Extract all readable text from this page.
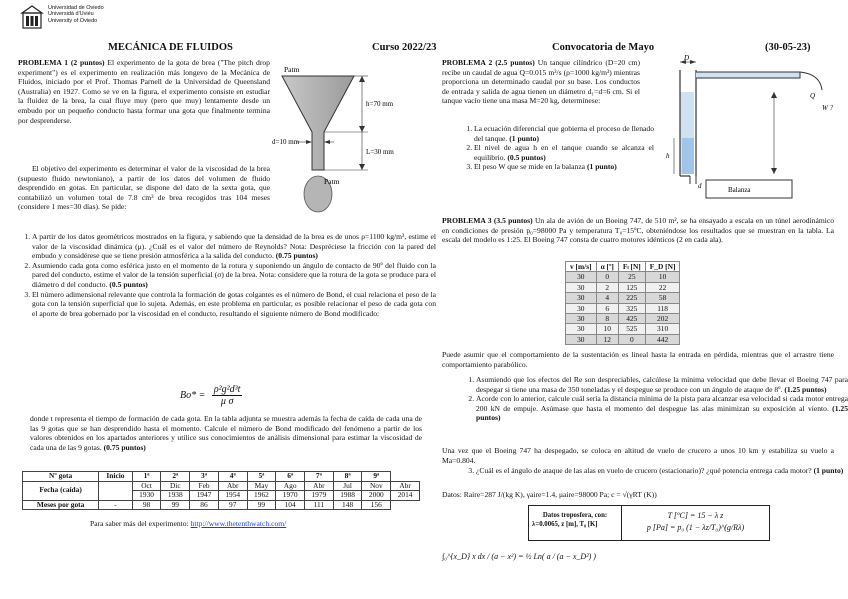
Universidad de Oviedo
Universidá d'Uviéu
University of Oviedo
MECÁNICA DE FLUIDOS	Curso 2022/23	Convocatoria de Mayo	(30-05-23)
PROBLEMA 1 (2 puntos) El experimento de la gota de brea ("The pitch drop experiment") es el experimento en realización más longevo de la Mecánica de Fluidos, iniciado por el Prof. Thomas Parnell de la Universidad de Queensland (Australia) en 1927. Como se ve en la figura, el experimento consiste en estudiar la fluidez de la brea, la cual fluye muy (pero que muy) lentamente desde un embudo por un pequeño conducto hasta formar una gota que finalmente termina por desprenderse.
El objetivo del experimento es determinar el valor de la viscosidad de la brea (supuesto fluido newtoniano), a partir de los datos del volumen de fluido desprendido en gotas. En particular, se dispone del dato de la sexta gota, que contabilizó un volumen total de 7.8 cm³ de brea recogidos tras 104 meses (considere 1 mes=30 días). Se pide:
Patm
h=70 mm
L=30 mm
d=10 mm
Patm
1. A partir de los datos geométricos mostrados en la figura, y sabiendo que la densidad de la brea es de unos ρ=1100 kg/m³, estime el valor de la viscosidad dinámica (μ). ¿Cuál es el valor del número de Reynolds? Nota: Despréciese la fricción con la pared del embudo y considérese que se tiene presión atmosférica a la salida del conducto. (0.75 puntos)
2. Asumiendo cada gota como esférica justo en el momento de la rotura y suponiendo un ángulo de contacto de 90º del fluido con la pared del conducto, estime el valor de la tensión superficial (σ) de la brea. Nota: considere que la rotura de la gota se produce para el diámetro d del conducto. (0.5 puntos)
3. El número adimensional relevante que controla la formación de gotas colgantes es el número de Bond, el cual relaciona el peso de la gota con la tensión superficial que lo sujeta. Además, en este problema en particular, es posible relacionar el peso de cada gota con el aporte de brea gobernado por la viscosidad en el conducto, resultando el siguiente número de Bond modificado:
$Bo* = \frac{\text{ρ²g²d³t}}{\text{μ σ}}$
donde t representa el tiempo de formación de cada gota. En la tabla adjunta se muestra además la fecha de caída de cada una de las 9 gotas que se han desprendido hasta el momento. Calcule el número de Bond modificado del fenómeno a partir de los valores obtenidos en los apartados anteriores y utilice sus conocimientos de análisis dimensional para estimar la viscosidad de cada una de las 9 gotas. (0.75 puntos)
Nº gota	Inicio	1ª	2ª	3ª	4ª	5ª	6ª	7ª	8ª	9ª	
Fecha (caída)		Oct	Dic	Feb	Abr	May	Ago	Abr	Jul	Nov	Abr
		1930	1938	1947	1954	1962	1970	1979	1988	2000	2014
Meses por gota	-	98	99	86	97	99	104	111	148	156	
Para saber más del experimento: http://www.thetenthwatch.com/
PROBLEMA 2 (2.5 puntos) Un tanque cilíndrico (D=20 cm) recibe un caudal de agua Q=0.015 m³/s (ρ=1000 kg/m³) mientras proporciona un determinado caudal por su base. Los conductos de entrada y salida de agua tienen un diámetro d₁=d=6 cm. Si el tanque vacío tiene una masa M=20 kg, determínese:
1. La ecuación diferencial que gobierna el proceso de llenado del tanque. (1 punto)
2. El nivel de agua h en el tanque cuando se alcanza el equilibrio. (0.5 puntos)
3. El peso W que se mide en la balanza (1 punto)
D
Q
W ?
h
d	Balanza
PROBLEMA 3 (3.5 puntos) Un ala de avión de un Boeing 747, de 510 m², se ha ensayado a escala en un túnel aerodinámico en condiciones de presión p₀=98000 Pa y temperatura T₀=15ºC, obteniéndose los resultados que se muestran en la tabla. La escala del modelo es 1:25. El Boeing 747 consta de cuatro motores idénticos (2 en cada ala).
v [m/s]	α [º]	Fₗ [N]	F_D [N]
30	0	25	10
30	2	125	22
30	4	225	58
30	6	325	118
30	8	425	202
30	10	525	310
30	12	0	442
Puede asumir que el comportamiento de la sustentación es lineal hasta la entrada en pérdida, mientras que el arrastre tiene comportamiento parabólico.
1. Asumiendo que los efectos del Re son despreciables, calcúlese la mínima velocidad que debe llevar el Boeing 747 para despegar si tiene una masa de 350 toneladas y el despegue se produce con un ángulo de ataque de 8º. (1.25 puntos)
2. Acorde con lo anterior, calcule cuál sería la distancia mínima de la pista para alcanzar esa velocidad si cada motor entrega 200 kN de empuje. Asúmase que hasta el momento del despegue las alas minimizan su exposición al viento. (1.25 puntos)
Una vez que el Boeing 747 ha despegado, se coloca en altitud de vuelo de crucero a unos 10 km y estabiliza su vuelo a Ma=0.804.
3. ¿Cuál es el ángulo de ataque de las alas en vuelo de crucero (estacionario)? ¿qué potencia entrega cada motor? (1 punto)
Datos: Raire=287 J/(kg K), γaire=1.4, μaire=98000 Pa; c = √(γRT (K))
Datos troposfera, con:
λ=0.0065, z [m], T₀ [K]
T [ºC] = 15 − λ z
p [Pa] = p₀ (1 − λz/T₀)^(g/Rλ)
∫₀^{x_D} x dx / (a − x²) = ½ Ln( a / (a − x_D²) )
